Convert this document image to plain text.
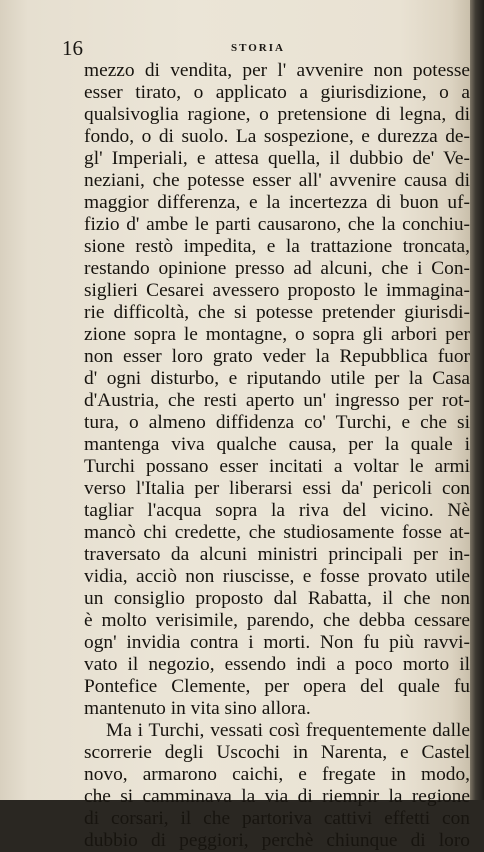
16	STORIA
mezzo di vendita, per l' avvenire non potesse
esser tirato, o applicato a giurisdizione, o a
qualsivoglia ragione, o pretensione di legna, di
fondo, o di suolo. La sospezione, e durezza de-
gl' Imperiali, e attesa quella, il dubbio de' Ve-
neziani, che potesse esser all' avvenire causa di
maggior differenza, e la incertezza di buon uf-
fizio d' ambe le parti causarono, che la conchiu-
sione restò impedita, e la trattazione troncata,
restando opinione presso ad alcuni, che i Con-
siglieri Cesarei avessero proposto le immagina-
rie difficoltà, che si potesse pretender giurisdi-
zione sopra le montagne, o sopra gli arbori per
non esser loro grato veder la Repubblica fuor
d' ogni disturbo, e riputando utile per la Casa
d'Austria, che resti aperto un' ingresso per rot-
tura, o almeno diffidenza co' Turchi, e che si
mantenga viva qualche causa, per la quale i
Turchi possano esser incitati a voltar le armi
verso l'Italia per liberarsi essi da' pericoli con
tagliar l'acqua sopra la riva del vicino. Nè
mancò chi credette, che studiosamente fosse at-
traversato da alcuni ministri principali per in-
vidia, acciò non riuscisse, e fosse provato utile
un consiglio proposto dal Rabatta, il che non
è molto verisimile, parendo, che debba cessare
ogn' invidia contra i morti. Non fu più ravvi-
vato il negozio, essendo indi a poco morto il
Pontefice Clemente, per opera del quale fu
mantenuto in vita sino allora.
Ma i Turchi, vessati così frequentemente dalle
scorrerie degli Uscochi in Narenta, e Castel
novo, armarono caichi, e fregate in modo,
che si camminava la via di riempir la regione
di corsari, il che partoriva cattivi effetti con
dubbio di peggiori, perchè chiunque di loro
